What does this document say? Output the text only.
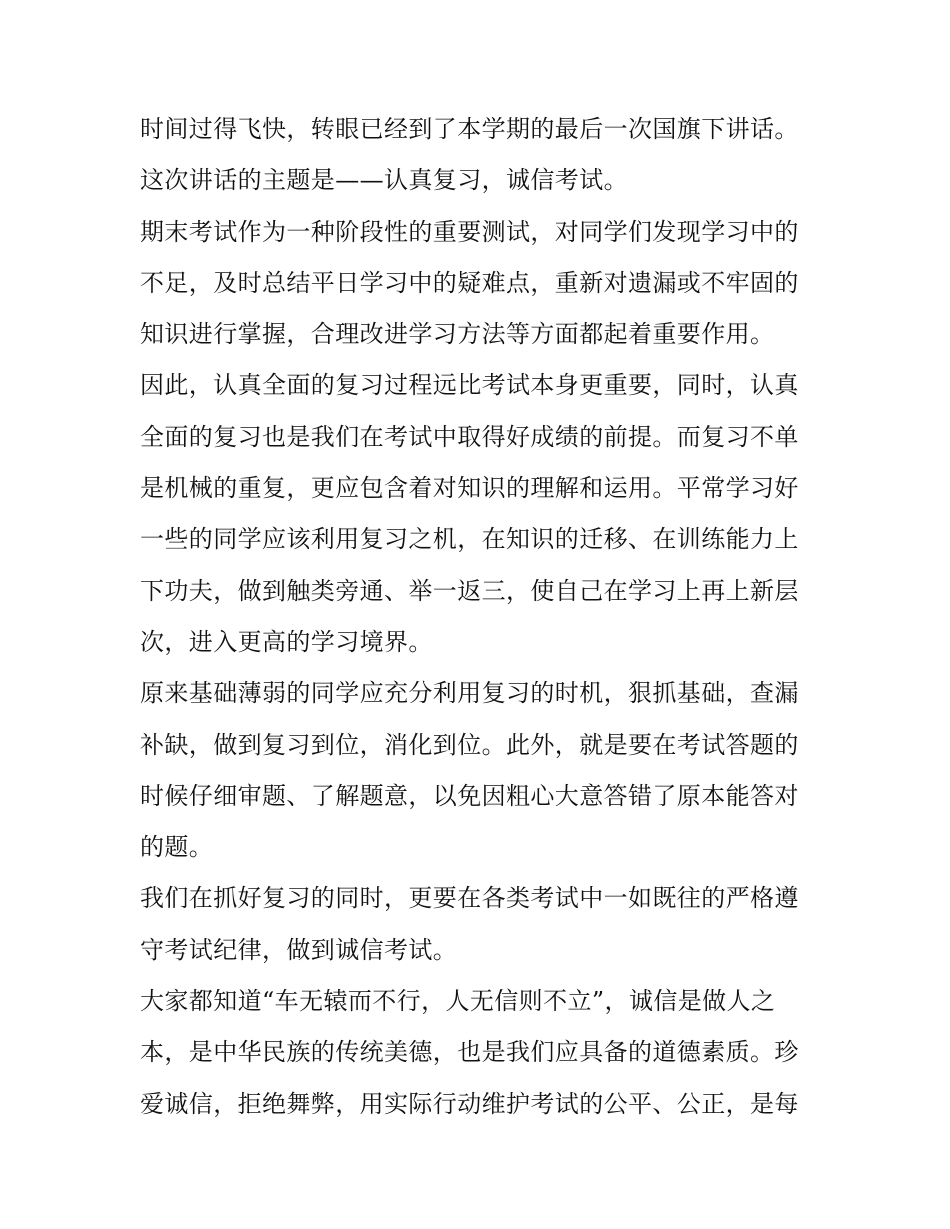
时间过得飞快，转眼已经到了本学期的最后一次国旗下讲话。
这次讲话的主题是——认真复习，诚信考试。

期末考试作为一种阶段性的重要测试，对同学们发现学习中的
不足，及时总结平日学习中的疑难点，重新对遗漏或不牢固的
知识进行掌握，合理改进学习方法等方面都起着重要作用。

因此，认真全面的复习过程远比考试本身更重要，同时，认真
全面的复习也是我们在考试中取得好成绩的前提。而复习不单
是机械的重复，更应包含着对知识的理解和运用。平常学习好
一些的同学应该利用复习之机，在知识的迁移、在训练能力上
下功夫，做到触类旁通、举一返三，使自己在学习上再上新层
次，进入更高的学习境界。

原来基础薄弱的同学应充分利用复习的时机，狠抓基础，查漏
补缺，做到复习到位，消化到位。此外，就是要在考试答题的
时候仔细审题、了解题意，以免因粗心大意答错了原本能答对
的题。

我们在抓好复习的同时，更要在各类考试中一如既往的严格遵
守考试纪律，做到诚信考试。

大家都知道“车无辕而不行，人无信则不立”，诚信是做人之
本，是中华民族的传统美德，也是我们应具备的道德素质。珍
爱诚信，拒绝舞弊，用实际行动维护考试的公平、公正，是每
